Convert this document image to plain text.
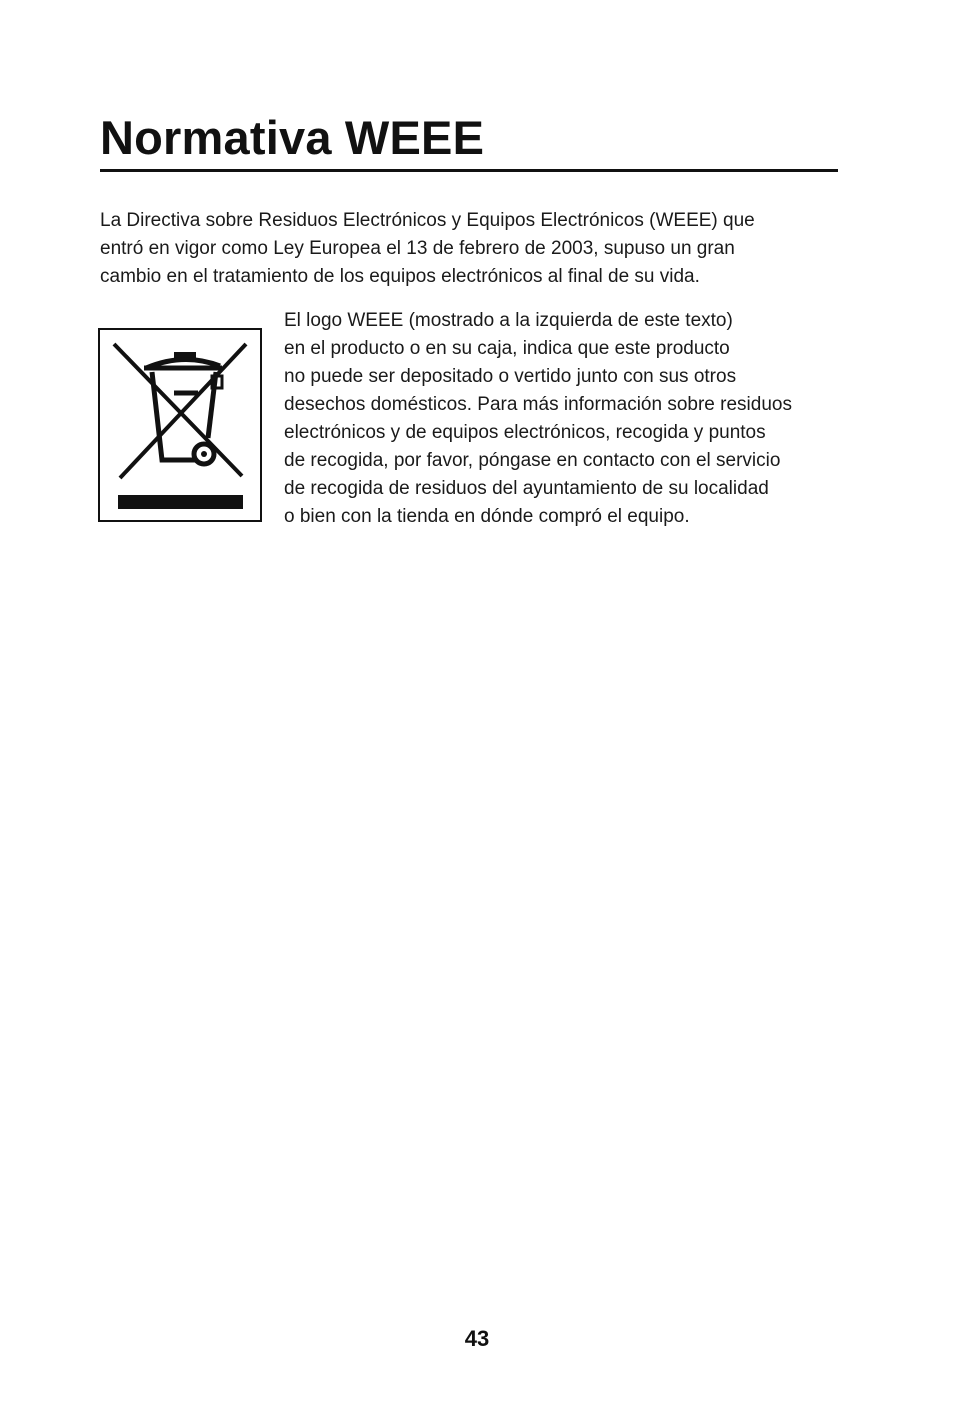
Normativa WEEE

La Directiva sobre Residuos Electrónicos y Equipos Electrónicos (WEEE) que
entró en vigor como Ley Europea el 13 de febrero de 2003, supuso un gran
cambio en el tratamiento de los equipos electrónicos al final de su vida.

El logo WEEE (mostrado a la izquierda de este texto)
en el producto o en su caja, indica que este producto
no puede ser depositado o vertido junto con sus otros
desechos domésticos. Para más información sobre residuos
electrónicos y de equipos electrónicos, recogida y puntos
de recogida, por favor, póngase en contacto con el servicio
de recogida de residuos del ayuntamiento de su localidad
o bien con la tienda en dónde compró el equipo.

43
